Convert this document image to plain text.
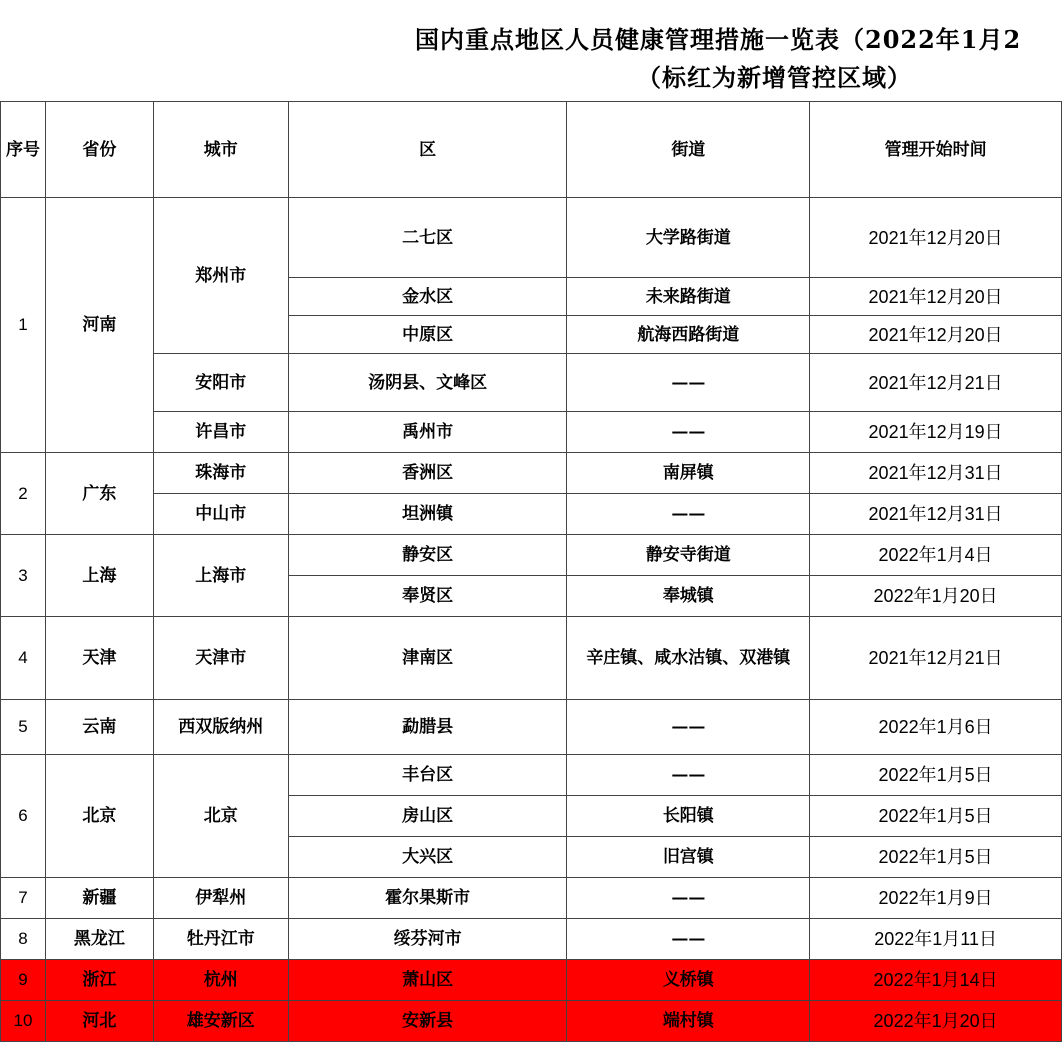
国内重点地区人员健康管理措施一览表（2022年1月2
（标红为新增管控区域）
序号	省份	城市	区	街道	管理开始时间
1	河南	郑州市	二七区	大学路街道	2021年12月20日
			金水区	未来路街道	2021年12月20日
			中原区	航海西路街道	2021年12月20日
		安阳市	汤阴县、文峰区	——	2021年12月21日
		许昌市	禹州市	——	2021年12月19日
2	广东	珠海市	香洲区	南屏镇	2021年12月31日
		中山市	坦洲镇	——	2021年12月31日
3	上海	上海市	静安区	静安寺街道	2022年1月4日
			奉贤区	奉城镇	2022年1月20日
4	天津	天津市	津南区	辛庄镇、咸水沽镇、双港镇	2021年12月21日
5	云南	西双版纳州	勐腊县	——	2022年1月6日
6	北京	北京	丰台区	——	2022年1月5日
			房山区	长阳镇	2022年1月5日
			大兴区	旧宫镇	2022年1月5日
7	新疆	伊犁州	霍尔果斯市	——	2022年1月9日
8	黑龙江	牡丹江市	绥芬河市	——	2022年1月11日
9	浙江	杭州	萧山区	义桥镇	2022年1月14日
10	河北	雄安新区	安新县	端村镇	2022年1月20日
